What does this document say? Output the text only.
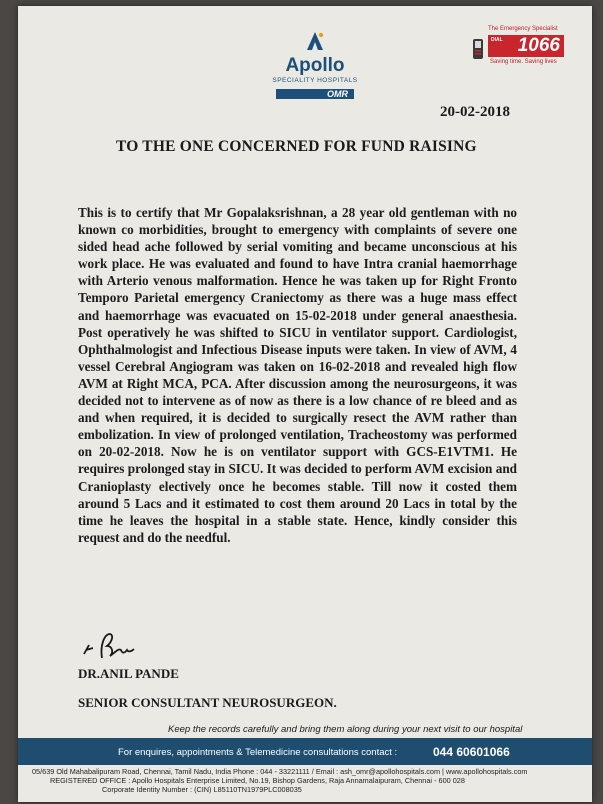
Apollo
SPECIALITY HOSPITALS
OMR
The Emergency Specialist
DIAL 1066
Saving time. Saving lives
20-02-2018
TO THE ONE CONCERNED FOR FUND RAISING

This is to certify that Mr Gopalaksrishnan, a 28 year old gentleman with no known co morbidities, brought to emergency with complaints of severe one sided head ache followed by serial vomiting and became unconscious at his work place. He was evaluated and found to have Intra cranial haemorrhage with Arterio venous malformation. Hence he was taken up for Right Fronto Temporo Parietal emergency Craniectomy as there was a huge mass effect and haemorrhage was evacuated on 15-02-2018 under general anaesthesia. Post operatively he was shifted to SICU in ventilator support. Cardiologist, Ophthalmologist and Infectious Disease inputs were taken. In view of AVM, 4 vessel Cerebral Angiogram was taken on 16-02-2018 and revealed high flow AVM at Right MCA, PCA. After discussion among the neurosurgeons, it was decided not to intervene as of now as there is a low chance of re bleed and as and when required, it is decided to surgically resect the AVM rather than embolization. In view of prolonged ventilation, Tracheostomy was performed on 20-02-2018. Now he is on ventilator support with GCS-E1VTM1. He requires prolonged stay in SICU. It was decided to perform AVM excision and Cranioplasty electively once he becomes stable. Till now it costed them around 5 Lacs and it estimated to cost them around 20 Lacs in total by the time he leaves the hospital in a stable state. Hence, kindly consider this request and do the needful.

DR.ANIL PANDE
SENIOR CONSULTANT NEUROSURGEON.
Keep the records carefully and bring them along during your next visit to our hospital
For enquires, appointments & Telemedicine consultations contact :	044 60601066
05/639 Old Mahabalipuram Road, Chennai, Tamil Nadu, India Phone : 044 - 33221111 / Email : ash_omr@apollohospitals.com | www.apollohospitals.com
REGISTERED OFFICE : Apollo Hospitals Enterprise Limited, No.19, Bishop Gardens, Raja Annamalaipuram, Chennai - 600 028
Corporate Identity Number : (CIN) L85110TN1979PLC008035
